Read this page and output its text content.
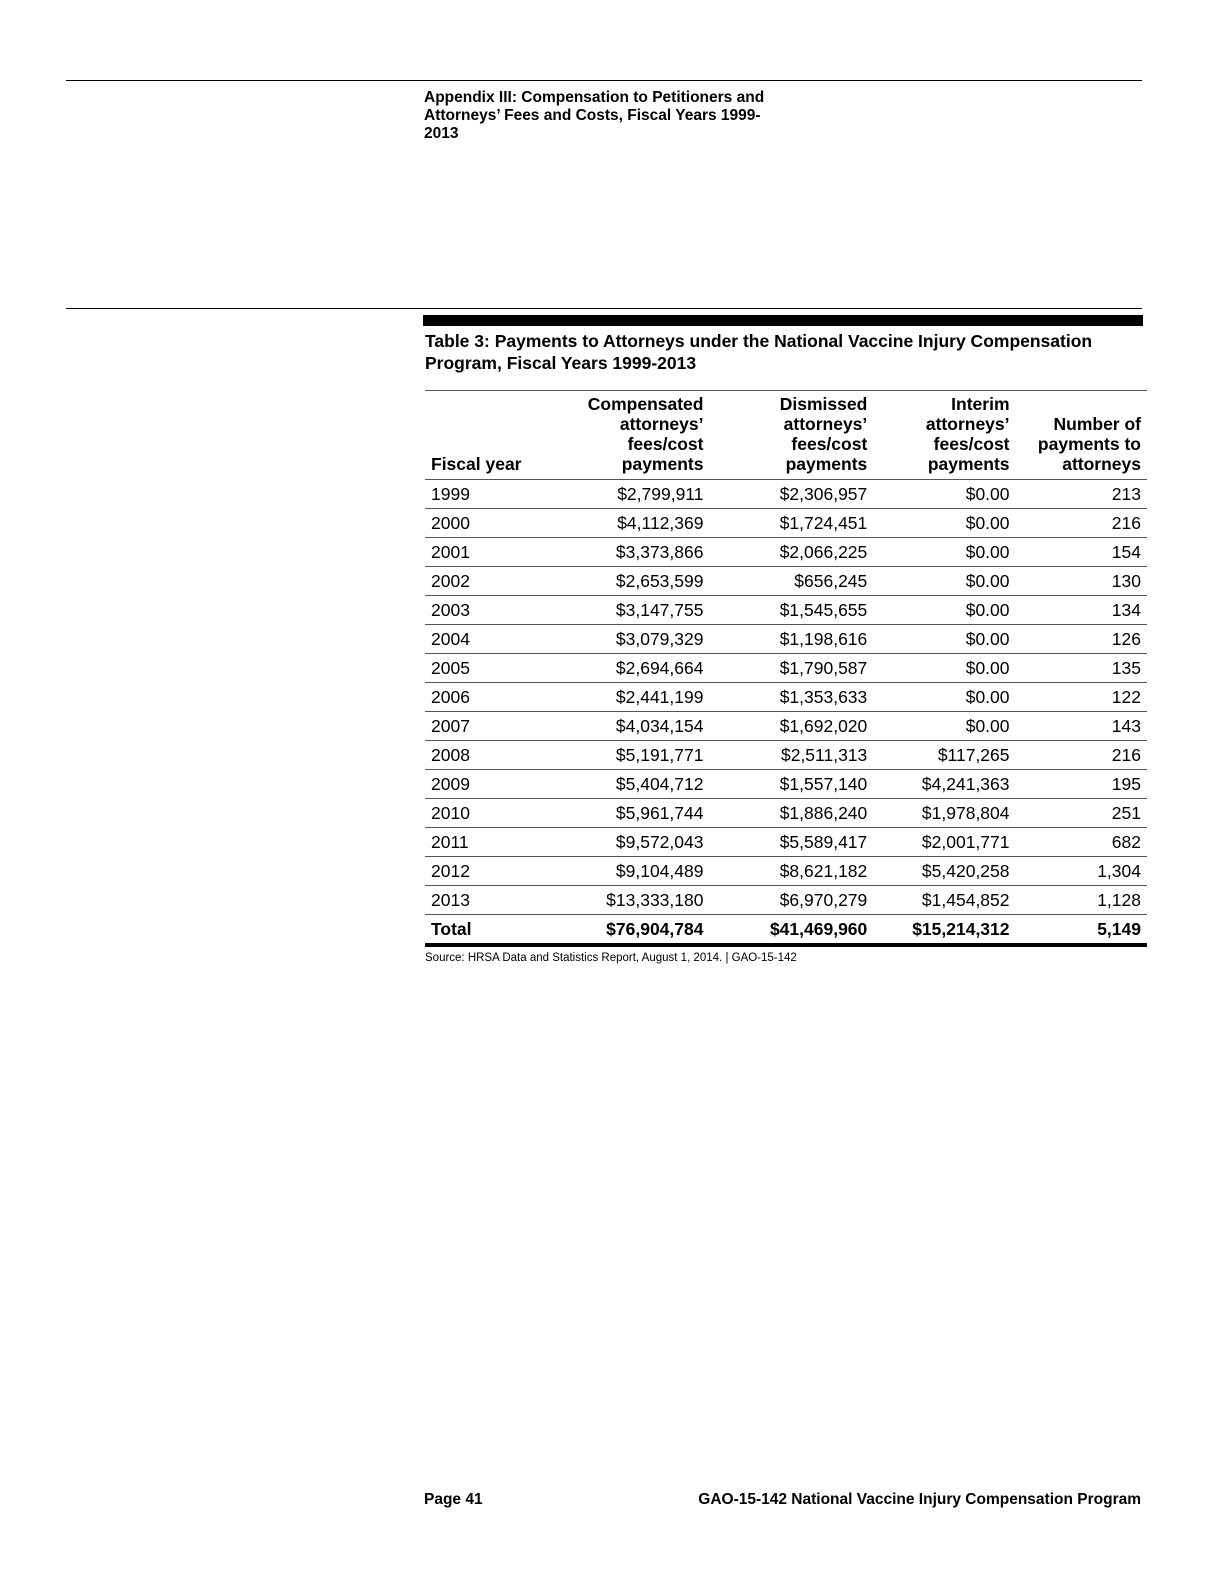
Appendix III: Compensation to Petitioners and Attorneys’ Fees and Costs, Fiscal Years 1999-2013
Table 3: Payments to Attorneys under the National Vaccine Injury Compensation Program, Fiscal Years 1999-2013
Fiscal year	Compensated attorneys’ fees/cost payments	Dismissed attorneys’ fees/cost payments	Interim attorneys’ fees/cost payments	Number of payments to attorneys
1999	$2,799,911	$2,306,957	$0.00	213
2000	$4,112,369	$1,724,451	$0.00	216
2001	$3,373,866	$2,066,225	$0.00	154
2002	$2,653,599	$656,245	$0.00	130
2003	$3,147,755	$1,545,655	$0.00	134
2004	$3,079,329	$1,198,616	$0.00	126
2005	$2,694,664	$1,790,587	$0.00	135
2006	$2,441,199	$1,353,633	$0.00	122
2007	$4,034,154	$1,692,020	$0.00	143
2008	$5,191,771	$2,511,313	$117,265	216
2009	$5,404,712	$1,557,140	$4,241,363	195
2010	$5,961,744	$1,886,240	$1,978,804	251
2011	$9,572,043	$5,589,417	$2,001,771	682
2012	$9,104,489	$8,621,182	$5,420,258	1,304
2013	$13,333,180	$6,970,279	$1,454,852	1,128
Total	$76,904,784	$41,469,960	$15,214,312	5,149
Source: HRSA Data and Statistics Report, August 1, 2014. | GAO-15-142
Page 41	GAO-15-142 National Vaccine Injury Compensation Program
